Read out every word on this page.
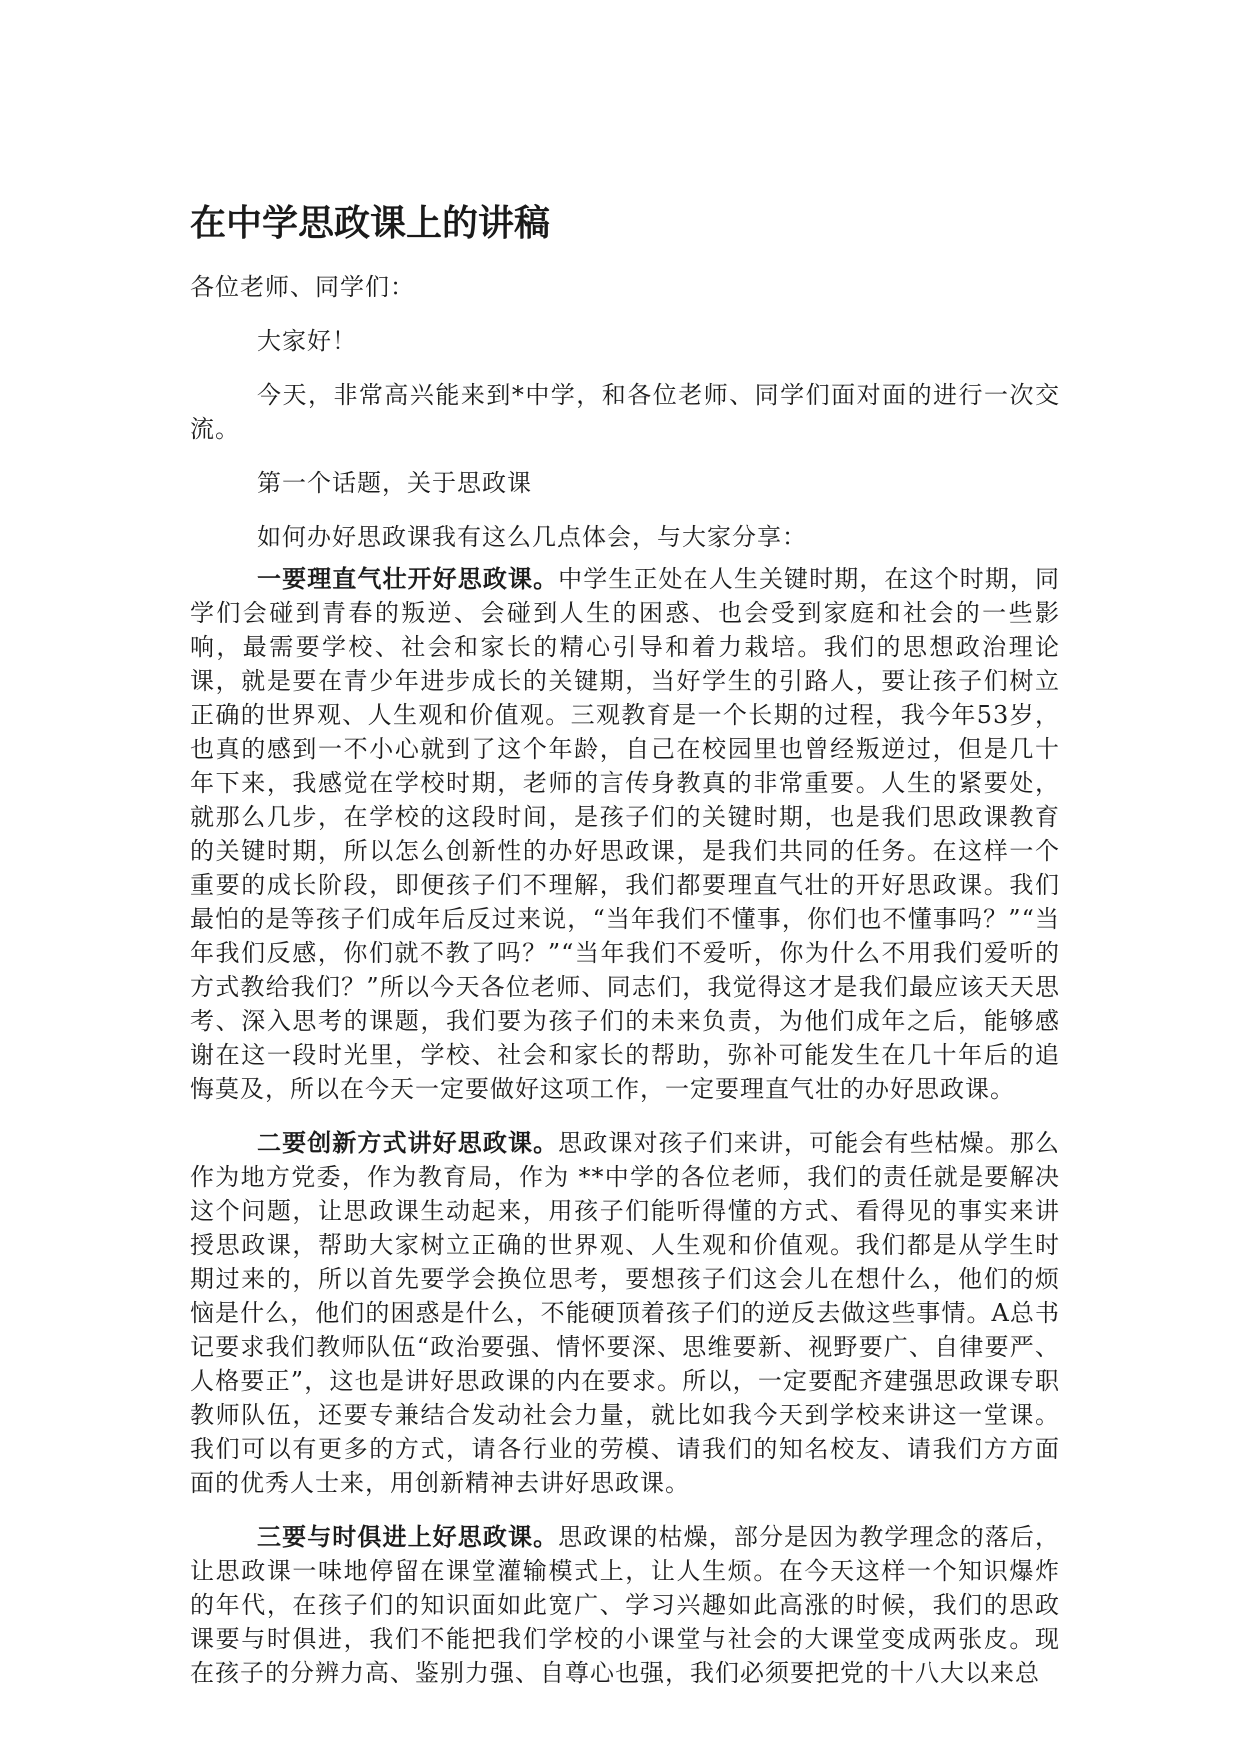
在中学思政课上的讲稿

各位老师、同学们：

大家好！

今天，非常高兴能来到*中学，和各位老师、同学们面对面的进行一次交流。

第一个话题，关于思政课

如何办好思政课我有这么几点体会，与大家分享：

一要理直气壮开好思政课。中学生正处在人生关键时期，在这个时期，同学们会碰到青春的叛逆、会碰到人生的困惑、也会受到家庭和社会的一些影响，最需要学校、社会和家长的精心引导和着力栽培。我们的思想政治理论课，就是要在青少年进步成长的关键期，当好学生的引路人，要让孩子们树立正确的世界观、人生观和价值观。三观教育是一个长期的过程，我今年53岁，也真的感到一不小心就到了这个年龄，自己在校园里也曾经叛逆过，但是几十年下来，我感觉在学校时期，老师的言传身教真的非常重要。人生的紧要处，就那么几步，在学校的这段时间，是孩子们的关键时期，也是我们思政课教育的关键时期，所以怎么创新性的办好思政课，是我们共同的任务。在这样一个重要的成长阶段，即便孩子们不理解，我们都要理直气壮的开好思政课。我们最怕的是等孩子们成年后反过来说，“当年我们不懂事，你们也不懂事吗？”“当年我们反感，你们就不教了吗？”“当年我们不爱听，你为什么不用我们爱听的方式教给我们？”所以今天各位老师、同志们，我觉得这才是我们最应该天天思考、深入思考的课题，我们要为孩子们的未来负责，为他们成年之后，能够感谢在这一段时光里，学校、社会和家长的帮助，弥补可能发生在几十年后的追悔莫及，所以在今天一定要做好这项工作，一定要理直气壮的办好思政课。

二要创新方式讲好思政课。思政课对孩子们来讲，可能会有些枯燥。那么作为地方党委，作为教育局，作为 **中学的各位老师，我们的责任就是要解决这个问题，让思政课生动起来，用孩子们能听得懂的方式、看得见的事实来讲授思政课，帮助大家树立正确的世界观、人生观和价值观。我们都是从学生时期过来的，所以首先要学会换位思考，要想孩子们这会儿在想什么，他们的烦恼是什么，他们的困惑是什么，不能硬顶着孩子们的逆反去做这些事情。A总书记要求我们教师队伍“政治要强、情怀要深、思维要新、视野要广、自律要严、人格要正”，这也是讲好思政课的内在要求。所以，一定要配齐建强思政课专职教师队伍，还要专兼结合发动社会力量，就比如我今天到学校来讲这一堂课。我们可以有更多的方式，请各行业的劳模、请我们的知名校友、请我们方方面面的优秀人士来，用创新精神去讲好思政课。

三要与时俱进上好思政课。思政课的枯燥，部分是因为教学理念的落后，让思政课一味地停留在课堂灌输模式上，让人生烦。在今天这样一个知识爆炸的年代，在孩子们的知识面如此宽广、学习兴趣如此高涨的时候，我们的思政课要与时俱进，我们不能把我们学校的小课堂与社会的大课堂变成两张皮。现在孩子的分辨力高、鉴别力强、自尊心也强，我们必须要把党的十八大以来总
